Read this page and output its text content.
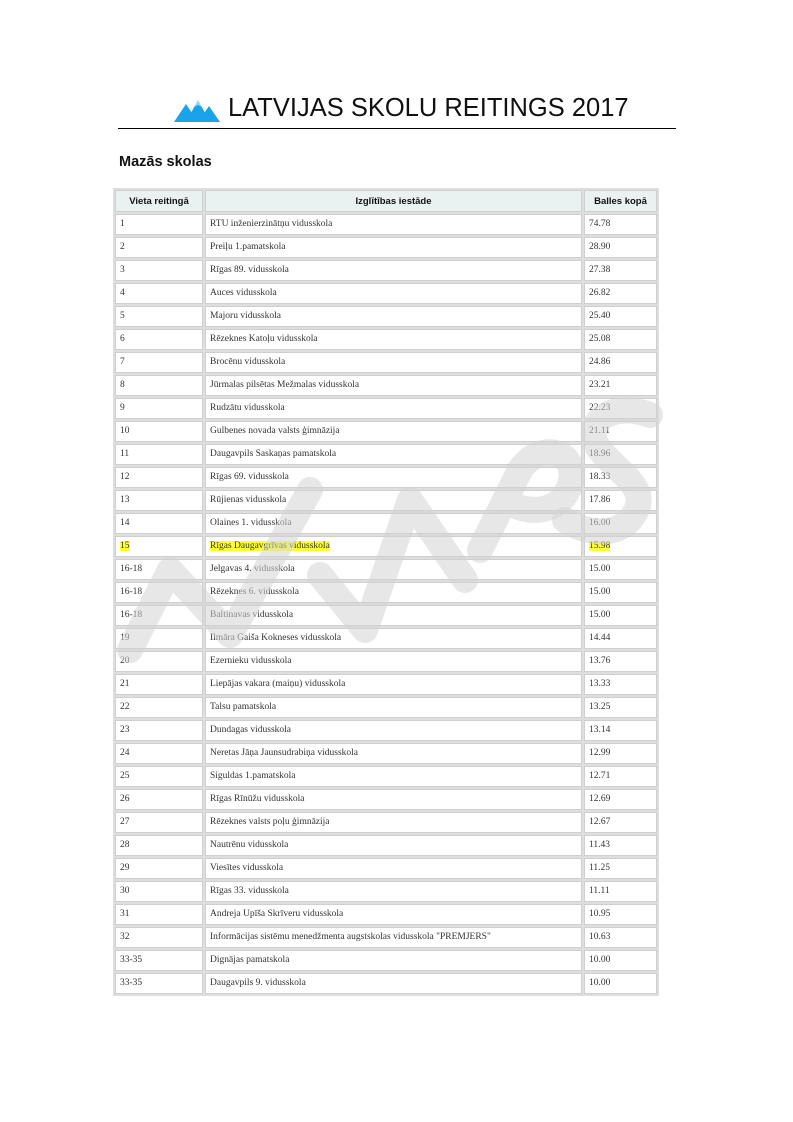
LATVIJAS SKOLU REITINGS 2017
Mazās skolas
Vieta reitingā	Izglītības iestāde	Balles kopā
1	RTU inženierzinātņu vidusskola	74.78
2	Preiļu 1.pamatskola	28.90
3	Rīgas 89. vidusskola	27.38
4	Auces vidusskola	26.82
5	Majoru vidusskola	25.40
6	Rēzeknes Katoļu vidusskola	25.08
7	Brocēnu vidusskola	24.86
8	Jūrmalas pilsētas Mežmalas vidusskola	23.21
9	Rudzātu vidusskola	22.23
10	Gulbenes novada valsts ģimnāzija	21.11
11	Daugavpils Saskaņas pamatskola	18.96
12	Rīgas 69. vidusskola	18.33
13	Rūjienas vidusskola	17.86
14	Olaines 1. vidusskola	16.00
15	Rīgas Daugavgrīvas vidusskola	15.98
16-18	Jelgavas 4. vidusskola	15.00
16-18	Rēzeknes 6. vidusskola	15.00
16-18	Baltinavas vidusskola	15.00
19	Ilmāra Gaiša Kokneses vidusskola	14.44
20	Ezernieku vidusskola	13.76
21	Liepājas vakara (maiņu) vidusskola	13.33
22	Talsu pamatskola	13.25
23	Dundagas vidusskola	13.14
24	Neretas Jāņa Jaunsudrabiņa vidusskola	12.99
25	Siguldas 1.pamatskola	12.71
26	Rīgas Rīnūžu vidusskola	12.69
27	Rēzeknes valsts poļu ģimnāzija	12.67
28	Nautrēnu vidusskola	11.43
29	Viesītes vidusskola	11.25
30	Rīgas 33. vidusskola	11.11
31	Andreja Upīša Skrīveru vidusskola	10.95
32	Informācijas sistēmu menedžmenta augstskolas vidusskola "PREMJERS"	10.63
33-35	Dignājas pamatskola	10.00
33-35	Daugavpils 9. vidusskola	10.00
